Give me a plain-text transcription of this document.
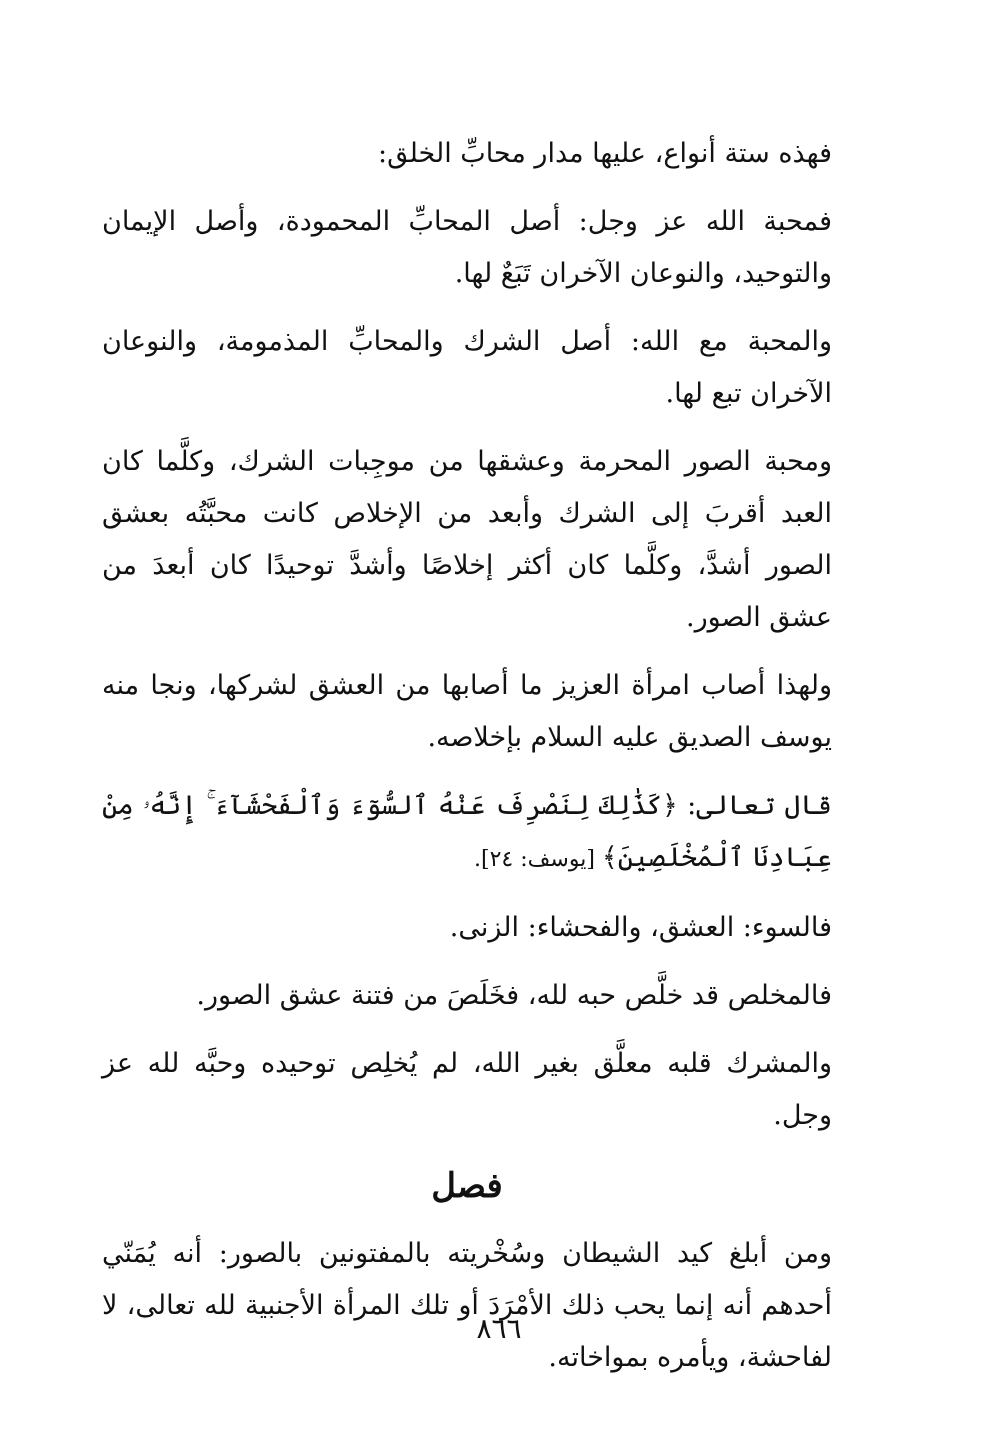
فهذه ستة أنواع، عليها مدار محابِّ الخلق:

فمحبة الله عز وجل: أصل المحابِّ المحمودة، وأصل الإيمان والتوحيد، والنوعان الآخران تَبَعٌ لها.

والمحبة مع الله: أصل الشرك والمحابِّ المذمومة، والنوعان الآخران تبع لها.

ومحبة الصور المحرمة وعشقها من موجِبات الشرك، وكلَّما كان العبد أقربَ إلى الشرك وأبعد من الإخلاص كانت محبَّتُه بعشق الصور أشدَّ، وكلَّما كان أكثر إخلاصًا وأشدَّ توحيدًا كان أبعدَ من عشق الصور.

ولهذا أصاب امرأة العزيز ما أصابها من العشق لشركها، ونجا منه يوسف الصديق عليه السلام بإخلاصه.

قال تعالى: ﴿كَذَٰلِكَ لِنَصْرِفَ عَنْهُ ٱلسُّوٓءَ وَٱلْفَحْشَآءَ ۚ إِنَّهُۥ مِنْ عِبَادِنَا ٱلْمُخْلَصِينَ﴾ [يوسف: ٢٤].

فالسوء: العشق، والفحشاء: الزنى.

فالمخلص قد خلَّص حبه لله، فخَلَصَ من فتنة عشق الصور.

والمشرك قلبه معلَّق بغير الله، لم يُخلِص توحيده وحبَّه لله عز وجل.

فصل

ومن أبلغ كيد الشيطان وسُخْريته بالمفتونين بالصور: أنه يُمَنّي أحدهم أنه إنما يحب ذلك الأمْرَدَ أو تلك المرأة الأجنبية لله تعالى، لا لفاحشة، ويأمره بمواخاته.

٨٦٦
